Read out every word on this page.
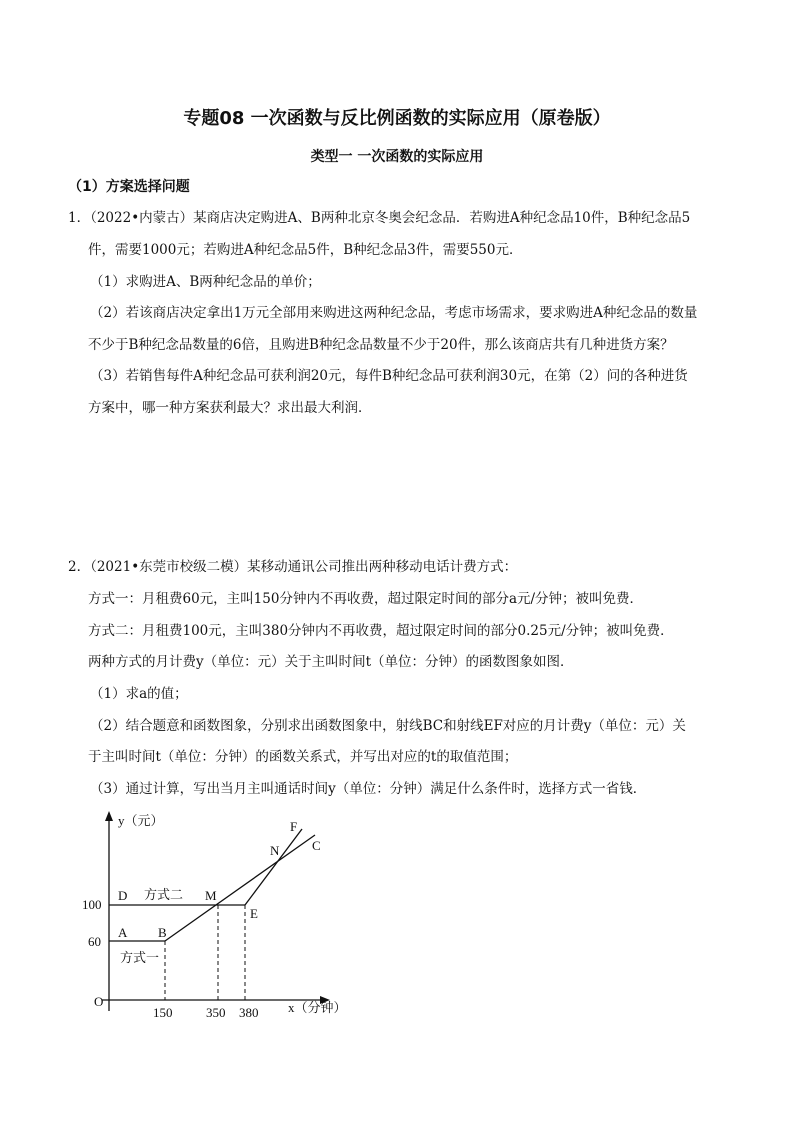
专题08 一次函数与反比例函数的实际应用（原卷版）
类型一 一次函数的实际应用
（1）方案选择问题
1．（2022•内蒙古）某商店决定购进A、B两种北京冬奥会纪念品．若购进A种纪念品10件，B种纪念品5
件，需要1000元；若购进A种纪念品5件，B种纪念品3件，需要550元．
（1）求购进A、B两种纪念品的单价；
（2）若该商店决定拿出1万元全部用来购进这两种纪念品，考虑市场需求，要求购进A种纪念品的数量
不少于B种纪念品数量的6倍，且购进B种纪念品数量不少于20件，那么该商店共有几种进货方案？
（3）若销售每件A种纪念品可获利润20元，每件B种纪念品可获利润30元，在第（2）问的各种进货
方案中，哪一种方案获利最大？求出最大利润．
2．（2021•东莞市校级二模）某移动通讯公司推出两种移动电话计费方式：
方式一：月租费60元，主叫150分钟内不再收费，超过限定时间的部分a元/分钟；被叫免费．
方式二：月租费100元，主叫380分钟内不再收费，超过限定时间的部分0.25元/分钟；被叫免费．
两种方式的月计费y（单位：元）关于主叫时间t（单位：分钟）的函数图象如图．
（1）求a的值；
（2）结合题意和函数图象，分别求出函数图象中，射线BC和射线EF对应的月计费y（单位：元）关
于主叫时间t（单位：分钟）的函数关系式，并写出对应的t的取值范围；
（3）通过计算，写出当月主叫通话时间y（单位：分钟）满足什么条件时，选择方式一省钱．
y（元）
x（分钟）
O
100
60
150	350 380
D
A B
M
E
N
F
C
方式二
方式一
